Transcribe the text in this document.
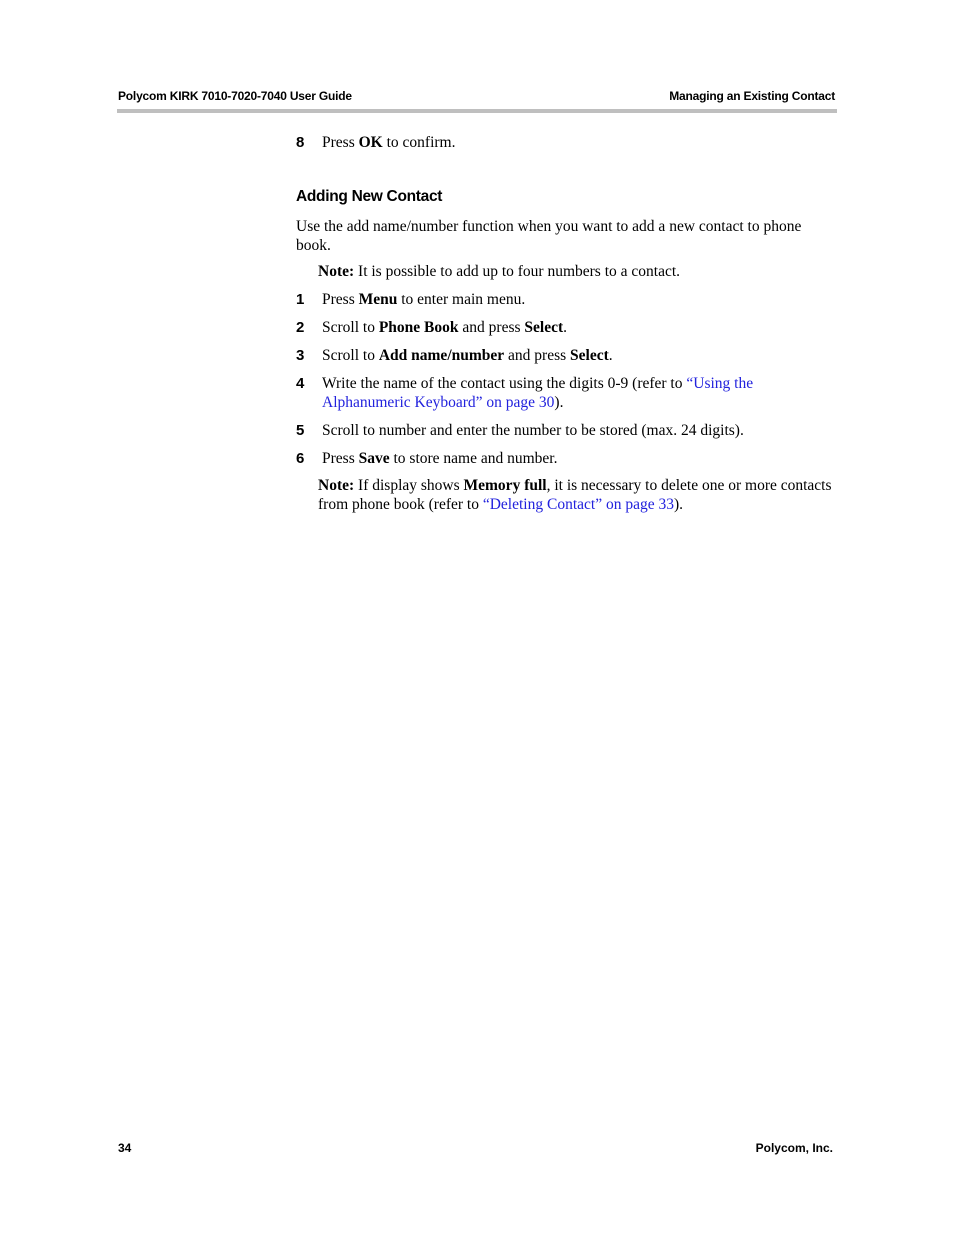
Polycom KIRK 7010-7020-7040 User Guide	Managing an Existing Contact
8	Press OK to confirm.
Adding New Contact
Use the add name/number function when you want to add a new contact to phone book.
Note: It is possible to add up to four numbers to a contact.
1	Press Menu to enter main menu.
2	Scroll to Phone Book and press Select.
3	Scroll to Add name/number and press Select.
4	Write the name of the contact using the digits 0-9 (refer to “Using the Alphanumeric Keyboard” on page 30).
5	Scroll to number and enter the number to be stored (max. 24 digits).
6	Press Save to store name and number.
Note: If display shows Memory full, it is necessary to delete one or more contacts from phone book (refer to “Deleting Contact” on page 33).
34	Polycom, Inc.
